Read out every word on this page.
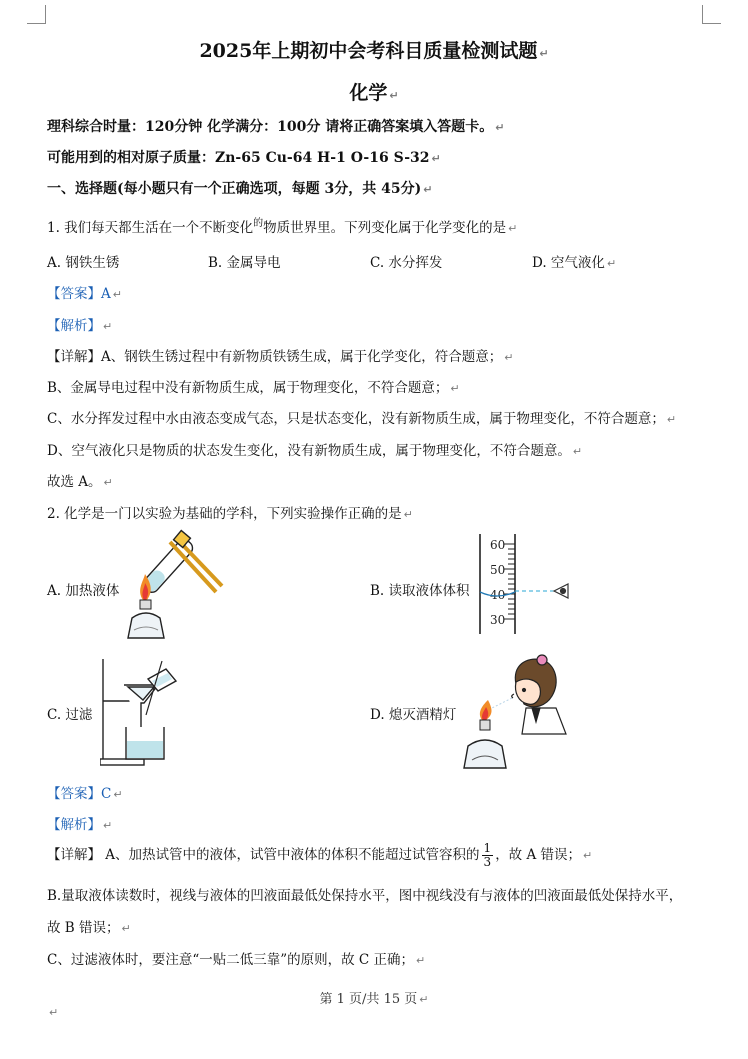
2025年上期初中会考科目质量检测试题 ↵
化学 ↵
理科综合时量：120分钟 化学满分：100分 请将正确答案填入答题卡。 ↵
可能用到的相对原子质量：Zn-65 Cu-64 H-1 O-16 S-32 ↵
一、选择题(每小题只有一个正确选项，每题 3分，共 45分) ↵
1. 我们每天都生活在一个不断变化$^的$物质世界里。下列变化属于化学变化的是 ↵
A. 钢铁生锈	B. 金属导电	C. 水分挥发	D. 空气液化 ↵
【答案】A ↵
【解析】 ↵
【详解】A、钢铁生锈过程中有新物质铁锈生成，属于化学变化，符合题意； ↵
B、金属导电过程中没有新物质生成，属于物理变化，不符合题意； ↵
C、水分挥发过程中水由液态变成气态，只是状态变化，没有新物质生成，属于物理变化，不符合题意； ↵
D、空气液化只是物质的状态发生变化，没有新物质生成，属于物理变化，不符合题意。 ↵
故选 A。 ↵
2. 化学是一门以实验为基础的学科，下列实验操作正确的是 ↵
A. 加热液体	B. 读取液体体积
C. 过滤	D. 熄灭酒精灯
60
50
40
30
【答案】C ↵
【解析】 ↵
【详解】 A、加热试管中的液体，试管中液体的体积不能超过试管容积的 $\frac{1}{3}$ ，故 A 错误； ↵
B.量取液体读数时，视线与液体的凹液面最低处保持水平，图中视线没有与液体的凹液面最低处保持水平，
故 B 错误； ↵
C、过滤液体时，要注意“一贴二低三靠”的原则，故 C 正确； ↵
第 1 页/共 15 页 ↵
↵
